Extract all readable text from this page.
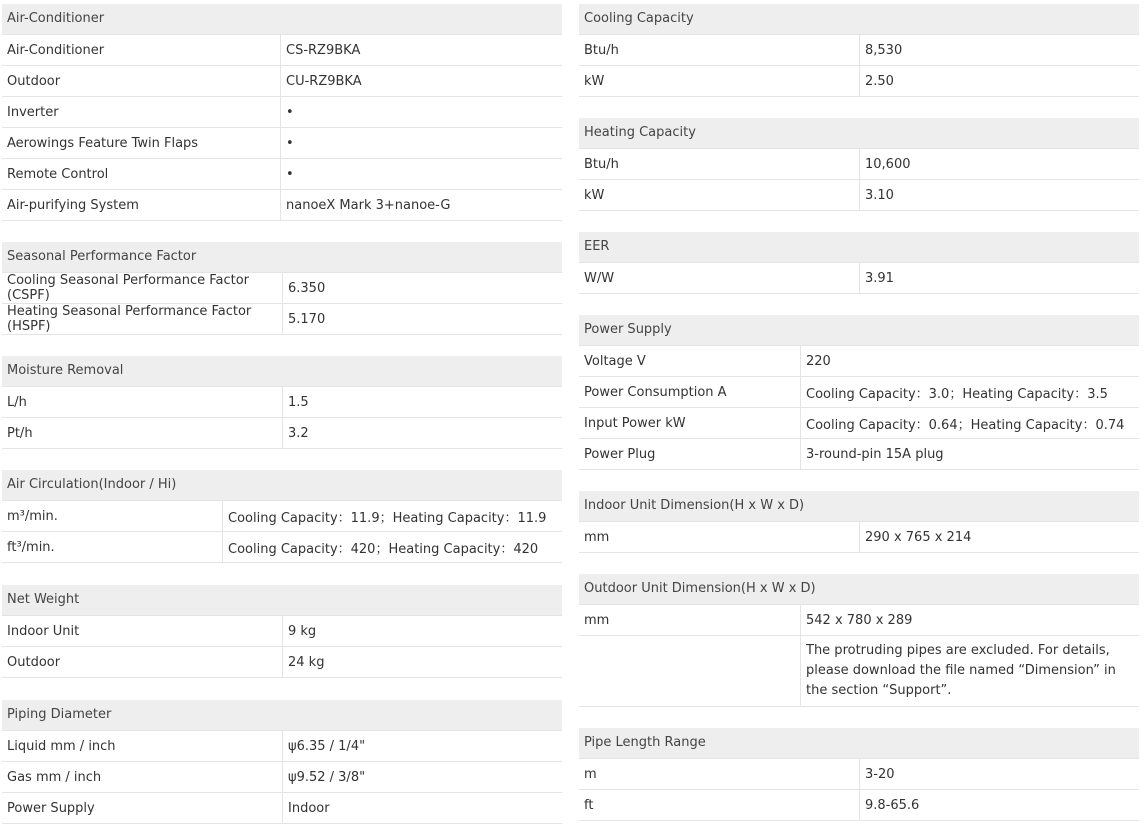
Air-Conditioner
Air-Conditioner	CS-RZ9BKA
Outdoor	CU-RZ9BKA
Inverter	•
Aerowings Feature Twin Flaps	•
Remote Control	•
Air-purifying System	nanoeX Mark 3+nanoe-G
Seasonal Performance Factor
Cooling Seasonal Performance Factor (CSPF)	6.350
Heating Seasonal Performance Factor (HSPF)	5.170
Moisture Removal
L/h	1.5
Pt/h	3.2
Air Circulation(Indoor / Hi)
m³/min.	Cooling Capacity：11.9；Heating Capacity：11.9
ft³/min.	Cooling Capacity：420；Heating Capacity：420
Net Weight
Indoor Unit	9 kg
Outdoor	24 kg
Piping Diameter
Liquid mm / inch	ψ6.35 / 1/4"
Gas mm / inch	ψ9.52 / 3/8"
Power Supply	Indoor
Cooling Capacity
Btu/h	8,530
kW	2.50
Heating Capacity
Btu/h	10,600
kW	3.10
EER
W/W	3.91
Power Supply
Voltage V	220
Power Consumption A	Cooling Capacity：3.0；Heating Capacity：3.5
Input Power kW	Cooling Capacity：0.64；Heating Capacity：0.74
Power Plug	3-round-pin 15A plug
Indoor Unit Dimension(H x W x D)
mm	290 x 765 x 214
Outdoor Unit Dimension(H x W x D)
mm	542 x 780 x 289
The protruding pipes are excluded. For details, please download the file named “Dimension” in the section “Support”.
Pipe Length Range
m	3-20
ft	9.8-65.6
